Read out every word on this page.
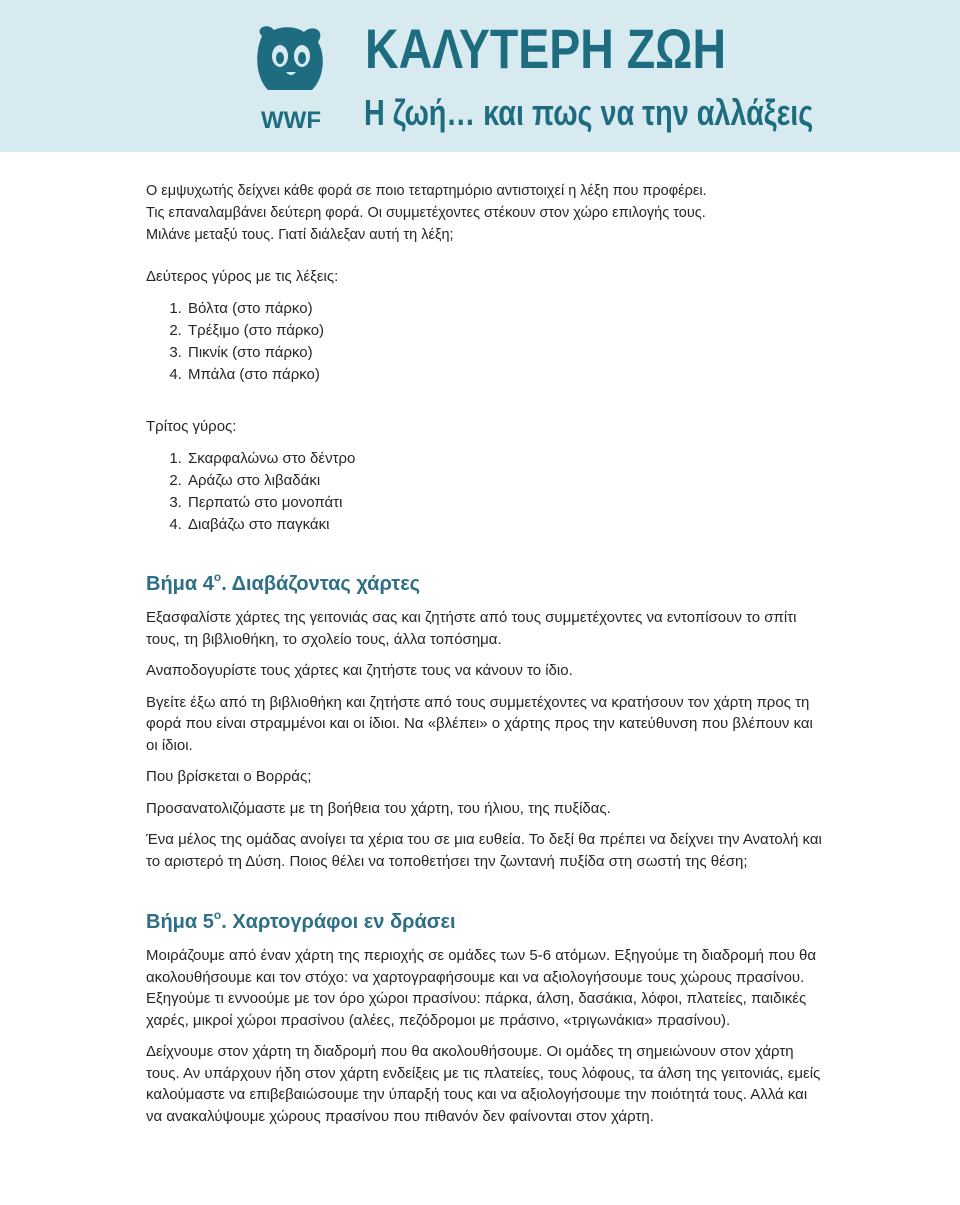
WWF
ΚΑΛΥΤΕΡΗ ΖΩΗ
Η ζωή… και πως να την αλλάξεις

Ο εμψυχωτής δείχνει κάθε φορά σε ποιο τεταρτημόριο αντιστοιχεί η λέξη που προφέρει.

Τις επαναλαμβάνει δεύτερη φορά. Οι συμμετέχοντες στέκουν στον χώρο επιλογής τους.

Μιλάνε μεταξύ τους. Γιατί διάλεξαν αυτή τη λέξη;

Δεύτερος γύρος με τις λέξεις:

1. Βόλτα (στο πάρκο)
2. Τρέξιμο (στο πάρκο)
3. Πικνίκ (στο πάρκο)
4. Μπάλα (στο πάρκο)

Τρίτος γύρος:

1. Σκαρφαλώνω στο δέντρο
2. Αράζω στο λιβαδάκι
3. Περπατώ στο μονοπάτι
4. Διαβάζω στο παγκάκι

Βήμα $4^o$. Διαβάζοντας χάρτες

Εξασφαλίστε χάρτες της γειτονιάς σας και ζητήστε από τους συμμετέχοντες να εντοπίσουν το σπίτι τους, τη βιβλιοθήκη, το σχολείο τους, άλλα τοπόσημα.

Αναποδογυρίστε τους χάρτες και ζητήστε τους να κάνουν το ίδιο.

Βγείτε έξω από τη βιβλιοθήκη και ζητήστε από τους συμμετέχοντες να κρατήσουν τον χάρτη προς τη φορά που είναι στραμμένοι και οι ίδιοι. Να «βλέπει» ο χάρτης προς την κατεύθυνση που βλέπουν και οι ίδιοι.

Που βρίσκεται ο Βορράς;

Προσανατολιζόμαστε με τη βοήθεια του χάρτη, του ήλιου, της πυξίδας.

Ένα μέλος της ομάδας ανοίγει τα χέρια του σε μια ευθεία. Το δεξί θα πρέπει να δείχνει την Ανατολή και το αριστερό τη Δύση. Ποιος θέλει να τοποθετήσει την ζωντανή πυξίδα στη σωστή της θέση;

Βήμα $5^o$. Χαρτογράφοι εν δράσει

Μοιράζουμε από έναν χάρτη της περιοχής σε ομάδες των 5-6 ατόμων. Εξηγούμε τη διαδρομή που θα ακολουθήσουμε και τον στόχο: να χαρτογραφήσουμε και να αξιολογήσουμε τους χώρους πρασίνου. Εξηγούμε τι εννοούμε με τον όρο χώροι πρασίνου: πάρκα, άλση, δασάκια, λόφοι, πλατείες, παιδικές χαρές, μικροί χώροι πρασίνου (αλέες, πεζόδρομοι με πράσινο, «τριγωνάκια» πρασίνου).

Δείχνουμε στον χάρτη τη διαδρομή που θα ακολουθήσουμε. Οι ομάδες τη σημειώνουν στον χάρτη τους. Αν υπάρχουν ήδη στον χάρτη ενδείξεις με τις πλατείες, τους λόφους, τα άλση της γειτονιάς, εμείς καλούμαστε να επιβεβαιώσουμε την ύπαρξή τους και να αξιολογήσουμε την ποιότητά τους. Αλλά και να ανακαλύψουμε χώρους πρασίνου που πιθανόν δεν φαίνονται στον χάρτη.
